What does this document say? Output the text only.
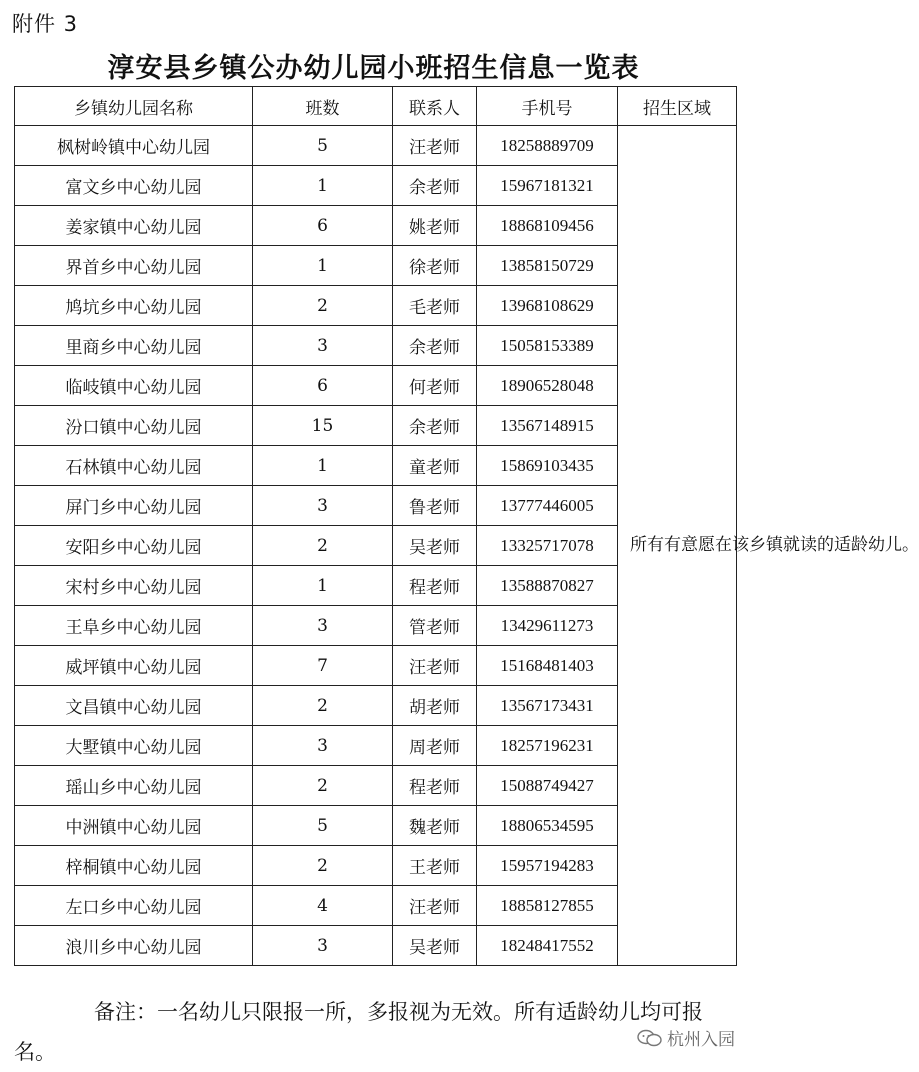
附件 3
淳安县乡镇公办幼儿园小班招生信息一览表
乡镇幼儿园名称	班数	联系人	手机号	招生区域
枫树岭镇中心幼儿园	5	汪老师	18258889709	所有有意愿在该乡镇就读的适龄幼儿。
富文乡中心幼儿园	1	余老师	15967181321	
姜家镇中心幼儿园	6	姚老师	18868109456	
界首乡中心幼儿园	1	徐老师	13858150729	
鸠坑乡中心幼儿园	2	毛老师	13968108629	
里商乡中心幼儿园	3	余老师	15058153389	
临岐镇中心幼儿园	6	何老师	18906528048	
汾口镇中心幼儿园	15	余老师	13567148915	
石林镇中心幼儿园	1	童老师	15869103435	
屏门乡中心幼儿园	3	鲁老师	13777446005	
安阳乡中心幼儿园	2	吴老师	13325717078	
宋村乡中心幼儿园	1	程老师	13588870827	
王阜乡中心幼儿园	3	管老师	13429611273	
威坪镇中心幼儿园	7	汪老师	15168481403	
文昌镇中心幼儿园	2	胡老师	13567173431	
大墅镇中心幼儿园	3	周老师	18257196231	
瑶山乡中心幼儿园	2	程老师	15088749427	
中洲镇中心幼儿园	5	魏老师	18806534595	
梓桐镇中心幼儿园	2	王老师	15957194283	
左口乡中心幼儿园	4	汪老师	18858127855	
浪川乡中心幼儿园	3	吴老师	18248417552	
备注：一名幼儿只限报一所，多报视为无效。所有适龄幼儿均可报名。	杭州入园
